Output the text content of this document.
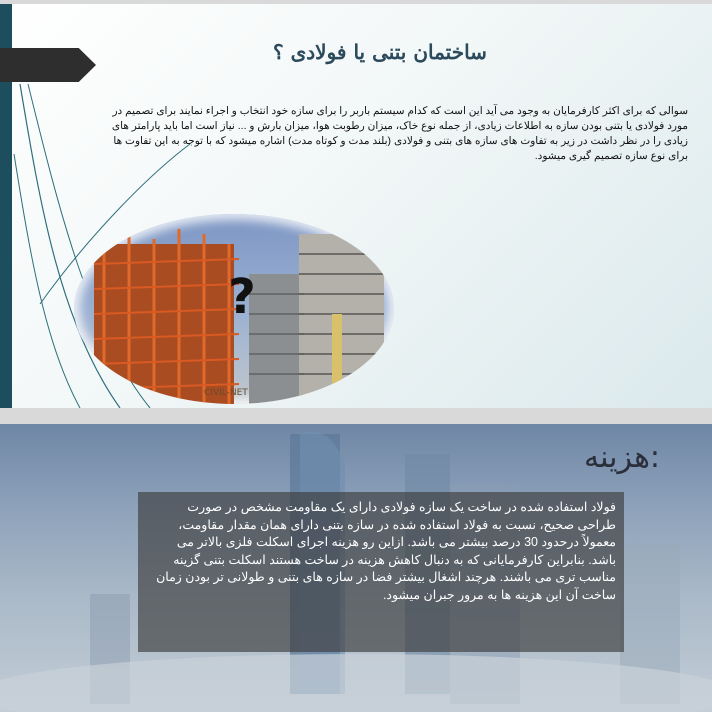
ساختمان بتنی یا فولادی ؟
سوالی که برای اکثر کارفرمایان به وجود می آید این است که کدام سیستم باربر را برای سازه خود انتخاب و اجراء نمایند برای تصمیم در مورد فولادی یا بتنی بودن سازه به اطلاعات زیادی، از جمله نوع خاک، میزان رطوبت هوا، میزان بارش و ... نیاز است اما باید پارامتر های زیادی را در نظر داشت در زیر به تفاوت های سازه های بتنی و فولادی (بلند مدت و کوتاه مدت) اشاره میشود که با توجه به این تفاوت ها برای نوع سازه تصمیم گیری میشود.
?
CIVIL-NET
هزینه:
فولاد استفاده شده در ساخت یک سازه فولادی دارای یک مقاومت مشخص در صورت طراحی صحیح، نسبت به فولاد استفاده شده در سازه بتنی دارای همان مقدار مقاومت، معمولاً درحدود 30 درصد بیشتر می باشد. ازاین رو هزینه اجرای اسکلت فلزی بالاتر می باشد. بنابراین کارفرمایانی که به دنبال کاهش هزینه در ساخت هستند اسکلت بتنی گزینه مناسب تری می باشند. هرچند اشغال بیشتر فضا در سازه های بتنی و طولانی تر بودن زمان ساخت آن این هزینه ها به مرور جبران میشود.
